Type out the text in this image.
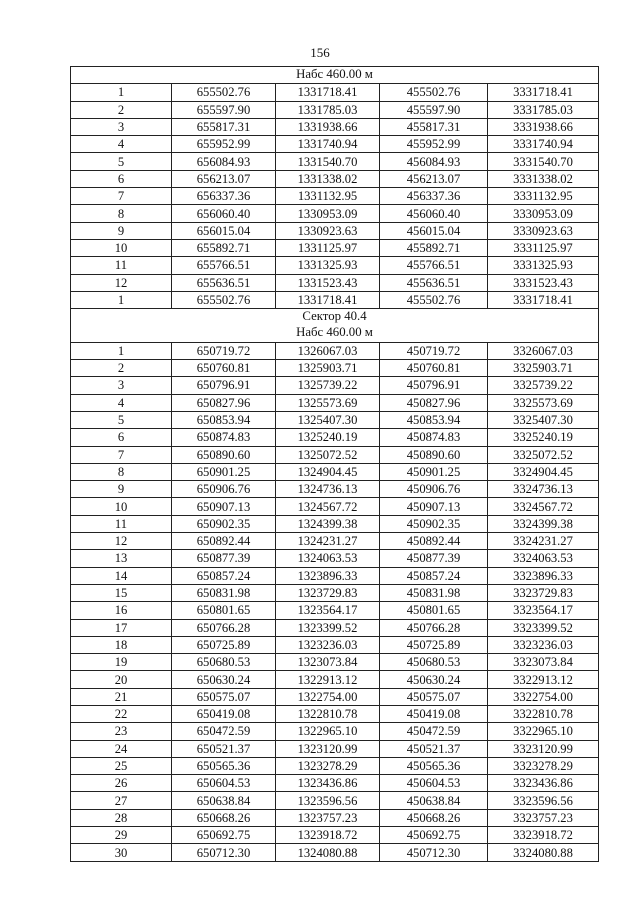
156
Набс 460.00 м				

1	655502.76	1331718.41	455502.76	3331718.41
2	655597.90	1331785.03	455597.90	3331785.03
3	655817.31	1331938.66	455817.31	3331938.66
4	655952.99	1331740.94	455952.99	3331740.94
5	656084.93	1331540.70	456084.93	3331540.70
6	656213.07	1331338.02	456213.07	3331338.02
7	656337.36	1331132.95	456337.36	3331132.95
8	656060.40	1330953.09	456060.40	3330953.09
9	656015.04	1330923.63	456015.04	3330923.63
10	655892.71	1331125.97	455892.71	3331125.97
11	655766.51	1331325.93	455766.51	3331325.93
12	655636.51	1331523.43	455636.51	3331523.43
1	655502.76	1331718.41	455502.76	3331718.41

Сектор 40.4
Набс 460.00 м				

1	650719.72	1326067.03	450719.72	3326067.03
2	650760.81	1325903.71	450760.81	3325903.71
3	650796.91	1325739.22	450796.91	3325739.22
4	650827.96	1325573.69	450827.96	3325573.69
5	650853.94	1325407.30	450853.94	3325407.30
6	650874.83	1325240.19	450874.83	3325240.19
7	650890.60	1325072.52	450890.60	3325072.52
8	650901.25	1324904.45	450901.25	3324904.45
9	650906.76	1324736.13	450906.76	3324736.13
10	650907.13	1324567.72	450907.13	3324567.72
11	650902.35	1324399.38	450902.35	3324399.38
12	650892.44	1324231.27	450892.44	3324231.27
13	650877.39	1324063.53	450877.39	3324063.53
14	650857.24	1323896.33	450857.24	3323896.33
15	650831.98	1323729.83	450831.98	3323729.83
16	650801.65	1323564.17	450801.65	3323564.17
17	650766.28	1323399.52	450766.28	3323399.52
18	650725.89	1323236.03	450725.89	3323236.03
19	650680.53	1323073.84	450680.53	3323073.84
20	650630.24	1322913.12	450630.24	3322913.12
21	650575.07	1322754.00	450575.07	3322754.00
22	650419.08	1322810.78	450419.08	3322810.78
23	650472.59	1322965.10	450472.59	3322965.10
24	650521.37	1323120.99	450521.37	3323120.99
25	650565.36	1323278.29	450565.36	3323278.29
26	650604.53	1323436.86	450604.53	3323436.86
27	650638.84	1323596.56	450638.84	3323596.56
28	650668.26	1323757.23	450668.26	3323757.23
29	650692.75	1323918.72	450692.75	3323918.72
30	650712.30	1324080.88	450712.30	3324080.88
